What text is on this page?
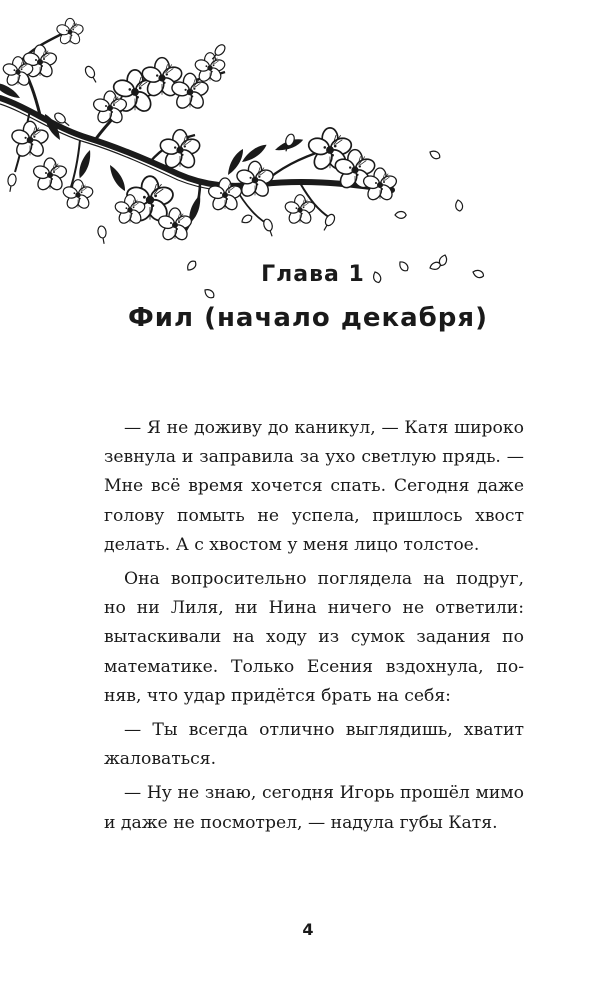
Глава 1
Фил (начало декабря)

— Я не доживу до каникул, — Катя широко зевнула и заправила за ухо светлую прядь. — Мне всё время хочется спать. Сегодня даже голову помыть не успела, пришлось хвост делать. А с хвостом у меня лицо толстое.

Она вопросительно поглядела на подруг, но ни Лиля, ни Нина ничего не ответили: вытаскивали на ходу из сумок задания по математике. Только Есения вздохнула, поняв, что удар придётся брать на себя:

— Ты всегда отлично выглядишь, хватит жаловаться.

— Ну не знаю, сегодня Игорь прошёл мимо и даже не посмотрел, — надула губы Катя.

4
